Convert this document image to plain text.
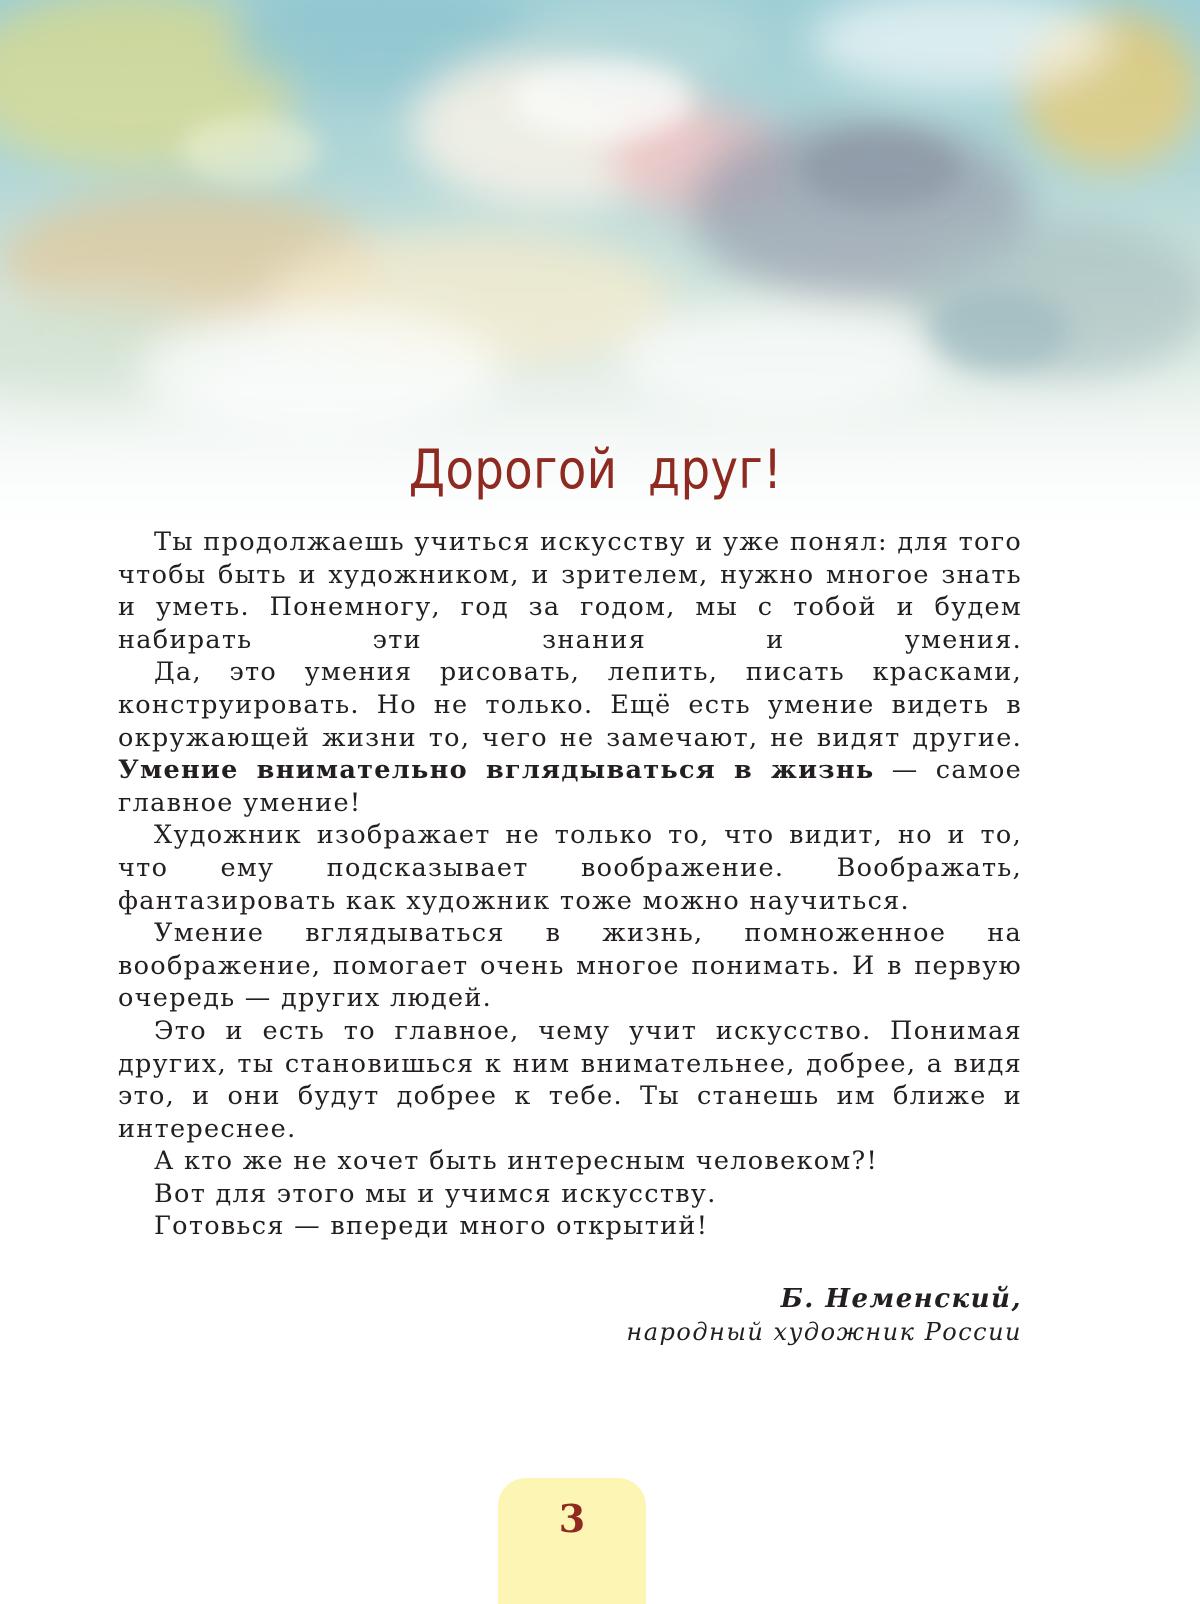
Дорогой друг!

Ты продолжаешь учиться искусству и уже понял: для того чтобы быть и художником, и зрителем, нужно многое знать и уметь. Понемногу, год за годом, мы с тобой и будем набирать эти знания и умения.

Да, это умения рисовать, лепить, писать красками, конструировать. Но не только. Ещё есть умение видеть в окружающей жизни то, чего не замечают, не видят другие. Умение внимательно вглядываться в жизнь — самое главное умение!

Художник изображает не только то, что видит, но и то, что ему подсказывает воображение. Воображать, фантазировать как художник тоже можно научиться.

Умение вглядываться в жизнь, помноженное на воображение, помогает очень многое понимать. И в первую очередь — других людей.

Это и есть то главное, чему учит искусство. Понимая других, ты становишься к ним внимательнее, добрее, а видя это, и они будут добрее к тебе. Ты станешь им ближе и интереснее.

А кто же не хочет быть интересным человеком?!

Вот для этого мы и учимся искусству.

Готовься — впереди много открытий!

Б. Неменский,
народный художник России
3
